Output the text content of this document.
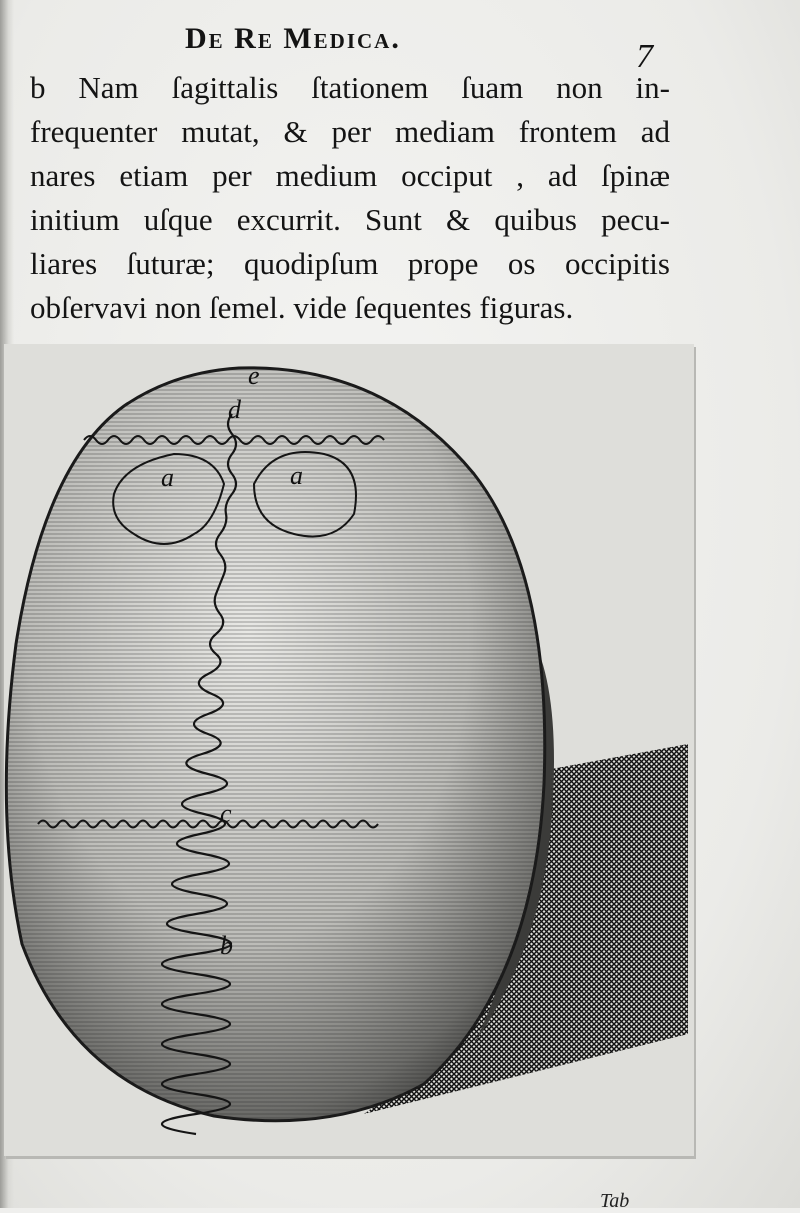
De Re Medica.	7
b Nam ſagittalis ſtationem ſuam non in-
frequenter mutat, & per mediam frontem ad
nares etiam per medium occiput , ad ſpinæ
initium uſque excurrit. Sunt & quibus pecu-
liares ſuturæ; quodipſum prope os occipitis
obſervavi non ſemel. vide ſequentes figuras.
e
d
a	a
c
b
Tab
